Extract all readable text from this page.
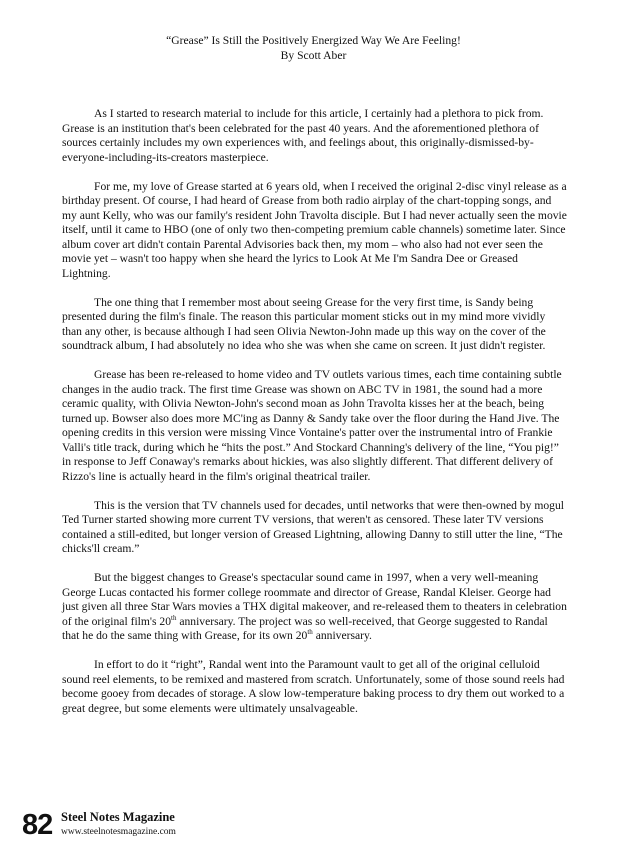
“Grease” Is Still the Positively Energized Way We Are Feeling!
By Scott Aber

As I started to research material to include for this article, I certainly had a plethora to pick from. Grease is an institution that's been celebrated for the past 40 years. And the aforementioned plethora of sources certainly includes my own experiences with, and feelings about, this originally-dismissed-by-everyone-including-its-creators masterpiece.

For me, my love of Grease started at 6 years old, when I received the original 2-disc vinyl release as a birthday present. Of course, I had heard of Grease from both radio airplay of the chart-topping songs, and my aunt Kelly, who was our family's resident John Travolta disciple. But I had never actually seen the movie itself, until it came to HBO (one of only two then-competing premium cable channels) sometime later. Since album cover art didn't contain Parental Advisories back then, my mom – who also had not ever seen the movie yet – wasn't too happy when she heard the lyrics to Look At Me I'm Sandra Dee or Greased Lightning.

The one thing that I remember most about seeing Grease for the very first time, is Sandy being presented during the film's finale. The reason this particular moment sticks out in my mind more vividly than any other, is because although I had seen Olivia Newton-John made up this way on the cover of the soundtrack album, I had absolutely no idea who she was when she came on screen. It just didn't register.

Grease has been re-released to home video and TV outlets various times, each time containing subtle changes in the audio track. The first time Grease was shown on ABC TV in 1981, the sound had a more ceramic quality, with Olivia Newton-John's second moan as John Travolta kisses her at the beach, being turned up. Bowser also does more MC'ing as Danny & Sandy take over the floor during the Hand Jive. The opening credits in this version were missing Vince Vontaine's patter over the instrumental intro of Frankie Valli's title track, during which he “hits the post.” And Stockard Channing's delivery of the line, “You pig!” in response to Jeff Conaway's remarks about hickies, was also slightly different. That different delivery of Rizzo's line is actually heard in the film's original theatrical trailer.

This is the version that TV channels used for decades, until networks that were then-owned by mogul Ted Turner started showing more current TV versions, that weren't as censored. These later TV versions contained a still-edited, but longer version of Greased Lightning, allowing Danny to still utter the line, “The chicks'll cream.”

But the biggest changes to Grease's spectacular sound came in 1997, when a very well-meaning George Lucas contacted his former college roommate and director of Grease, Randal Kleiser. George had just given all three Star Wars movies a THX digital makeover, and re-released them to theaters in celebration of the original film's 20th anniversary. The project was so well-received, that George suggested to Randal that he do the same thing with Grease, for its own 20th anniversary.

In effort to do it “right”, Randal went into the Paramount vault to get all of the original celluloid sound reel elements, to be remixed and mastered from scratch. Unfortunately, some of those sound reels had become gooey from decades of storage. A slow low-temperature baking process to dry them out worked to a great degree, but some elements were ultimately unsalvageable.

82 Steel Notes Magazine
www.steelnotesmagazine.com
